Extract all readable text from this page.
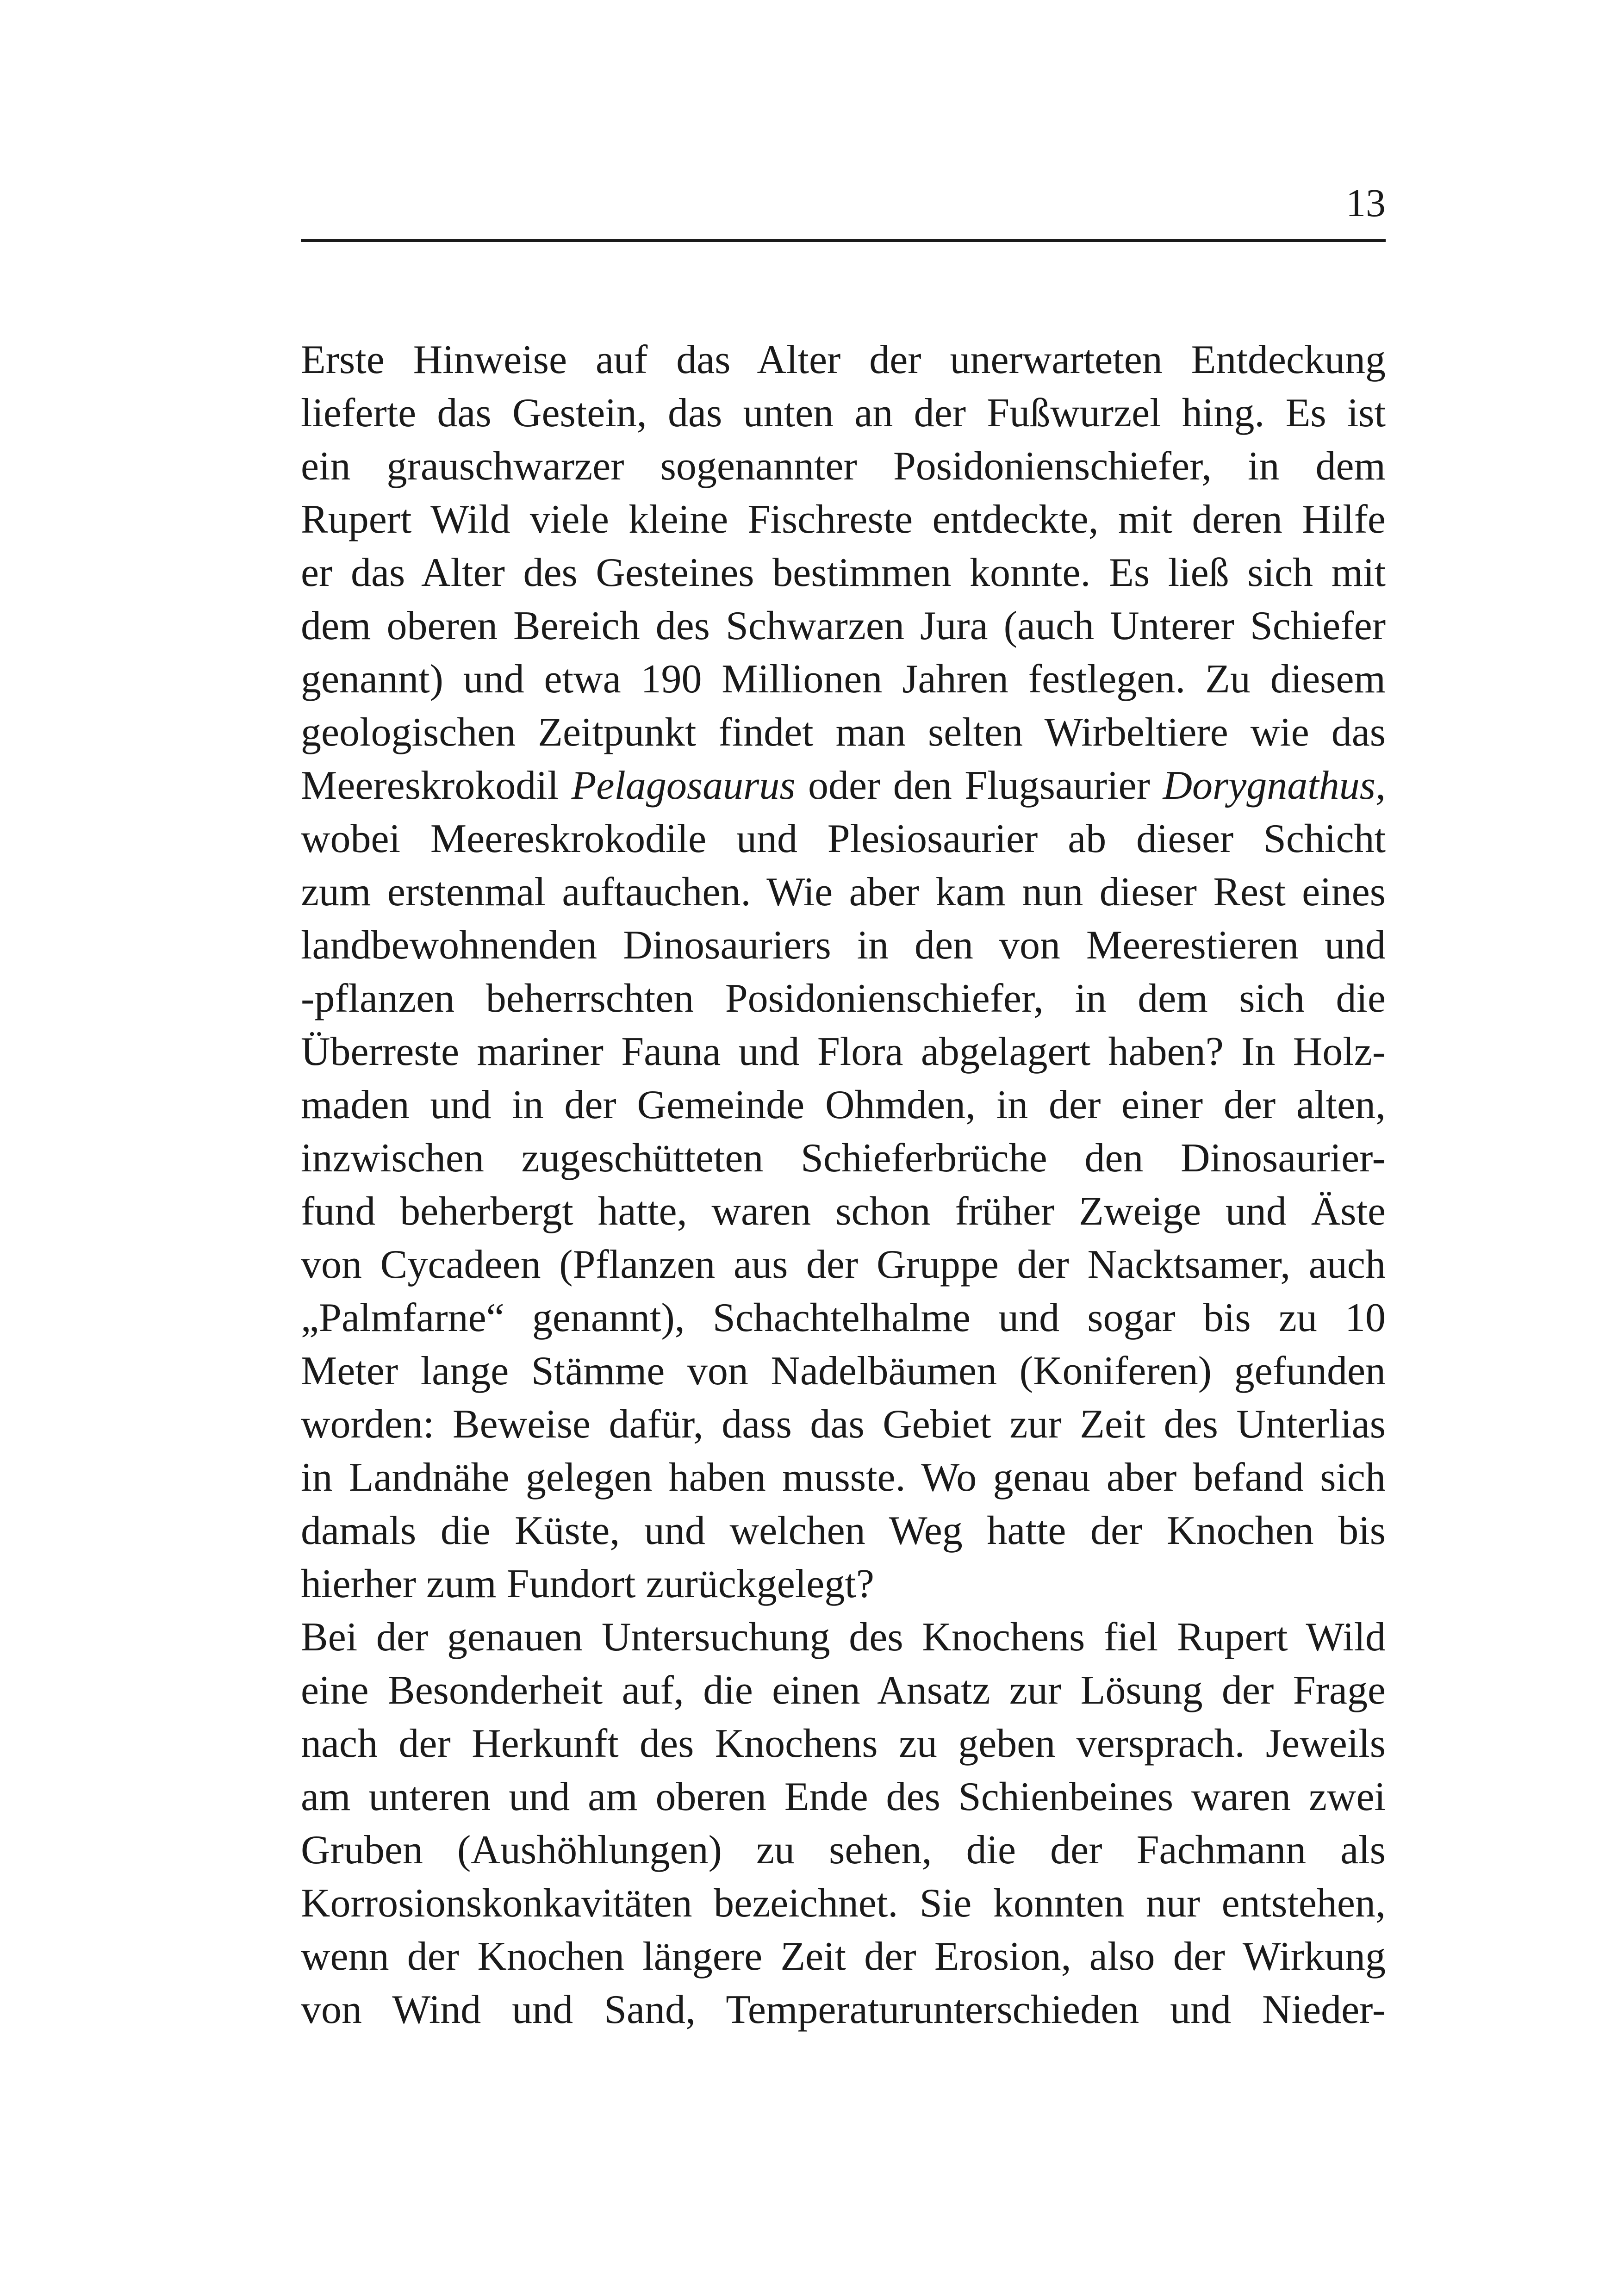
13
Erste Hinweise auf das Alter der unerwarteten Entdeckung
lieferte das Gestein, das unten an der Fußwurzel hing. Es ist
ein grauschwarzer sogenannter Posidonienschiefer, in dem
Rupert Wild viele kleine Fischreste entdeckte, mit deren Hilfe
er das Alter des Gesteines bestimmen konnte. Es ließ sich mit
dem oberen Bereich des Schwarzen Jura (auch Unterer Schiefer
genannt) und etwa 190 Millionen Jahren festlegen. Zu diesem
geologischen Zeitpunkt findet man selten Wirbeltiere wie das
Meereskrokodil Pelagosaurus oder den Flugsaurier Dorygnathus,
wobei Meereskrokodile und Plesiosaurier ab dieser Schicht
zum erstenmal auftauchen. Wie aber kam nun dieser Rest eines
landbewohnenden Dinosauriers in den von Meerestieren und
-pflanzen beherrschten Posidonienschiefer, in dem sich die
Überreste mariner Fauna und Flora abgelagert haben? In Holz-
maden und in der Gemeinde Ohmden, in der einer der alten,
inzwischen zugeschütteten Schieferbrüche den Dinosaurier-
fund beherbergt hatte, waren schon früher Zweige und Äste
von Cycadeen (Pflanzen aus der Gruppe der Nacktsamer, auch
„Palmfarne“ genannt), Schachtelhalme und sogar bis zu 10
Meter lange Stämme von Nadelbäumen (Koniferen) gefunden
worden: Beweise dafür, dass das Gebiet zur Zeit des Unterlias
in Landnähe gelegen haben musste. Wo genau aber befand sich
damals die Küste, und welchen Weg hatte der Knochen bis
hierher zum Fundort zurückgelegt?
Bei der genauen Untersuchung des Knochens fiel Rupert Wild
eine Besonderheit auf, die einen Ansatz zur Lösung der Frage
nach der Herkunft des Knochens zu geben versprach. Jeweils
am unteren und am oberen Ende des Schienbeines waren zwei
Gruben (Aushöhlungen) zu sehen, die der Fachmann als
Korrosionskonkavitäten bezeichnet. Sie konnten nur entstehen,
wenn der Knochen längere Zeit der Erosion, also der Wirkung
von Wind und Sand, Temperaturunterschieden und Nieder-
